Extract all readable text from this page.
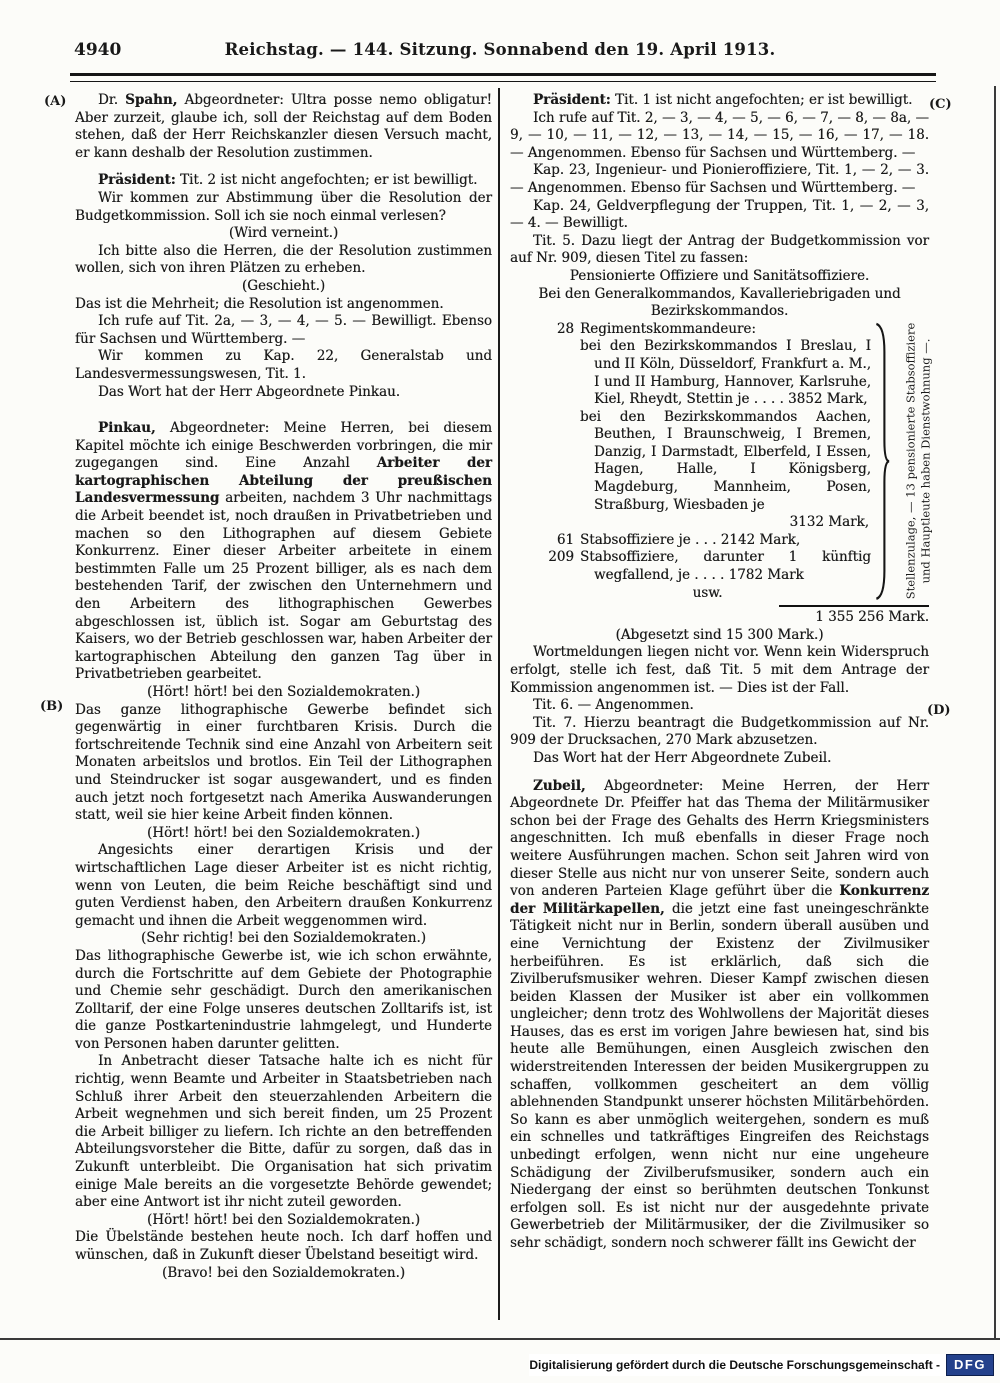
4940	Reichstag. — 144. Sitzung. Sonnabend den 19. April 1913.
(A)
(B)
(C)
(D)

Dr. Spahn, Abgeordneter: Ultra posse nemo obligatur! Aber zurzeit, glaube ich, soll der Reichstag auf dem Boden stehen, daß der Herr Reichskanzler diesen Versuch macht, er kann deshalb der Resolution zustimmen.

Präsident: Tit. 2 ist nicht angefochten; er ist bewilligt.

Wir kommen zur Abstimmung über die Resolution der Budgetkommission. Soll ich sie noch einmal verlesen?

(Wird verneint.)

Ich bitte also die Herren, die der Resolution zustimmen wollen, sich von ihren Plätzen zu erheben.

(Geschieht.)

Das ist die Mehrheit; die Resolution ist angenommen.

Ich rufe auf Tit. 2a, — 3, — 4, — 5. — Bewilligt. Ebenso für Sachsen und Württemberg. —

Wir kommen zu Kap. 22, Generalstab und Landesvermessungswesen, Tit. 1.

Das Wort hat der Herr Abgeordnete Pinkau.

Pinkau, Abgeordneter: Meine Herren, bei diesem Kapitel möchte ich einige Beschwerden vorbringen, die mir zugegangen sind. Eine Anzahl Arbeiter der kartographischen Abteilung der preußischen Landesvermessung arbeiten, nachdem 3 Uhr nachmittags die Arbeit beendet ist, noch draußen in Privatbetrieben und machen so den Lithographen auf diesem Gebiete Konkurrenz. Einer dieser Arbeiter arbeitete in einem bestimmten Falle um 25 Prozent billiger, als es nach dem bestehenden Tarif, der zwischen den Unternehmern und den Arbeitern des lithographischen Gewerbes abgeschlossen ist, üblich ist. Sogar am Geburtstag des Kaisers, wo der Betrieb geschlossen war, haben Arbeiter der kartographischen Abteilung den ganzen Tag über in Privatbetrieben gearbeitet.

(Hört! hört! bei den Sozialdemokraten.)

Das ganze lithographische Gewerbe befindet sich gegenwärtig in einer furchtbaren Krisis. Durch die fortschreitende Technik sind eine Anzahl von Arbeitern seit Monaten arbeitslos und brotlos. Ein Teil der Lithographen und Steindrucker ist sogar ausgewandert, und es finden auch jetzt noch fortgesetzt nach Amerika Auswanderungen statt, weil sie hier keine Arbeit finden können.

(Hört! hört! bei den Sozialdemokraten.)

Angesichts einer derartigen Krisis und der wirtschaftlichen Lage dieser Arbeiter ist es nicht richtig, wenn von Leuten, die beim Reiche beschäftigt sind und guten Verdienst haben, den Arbeitern draußen Konkurrenz gemacht und ihnen die Arbeit weggenommen wird.

(Sehr richtig! bei den Sozialdemokraten.)

Das lithographische Gewerbe ist, wie ich schon erwähnte, durch die Fortschritte auf dem Gebiete der Photographie und Chemie sehr geschädigt. Durch den amerikanischen Zolltarif, der eine Folge unseres deutschen Zolltarifs ist, ist die ganze Postkartenindustrie lahmgelegt, und Hunderte von Personen haben darunter gelitten.

In Anbetracht dieser Tatsache halte ich es nicht für richtig, wenn Beamte und Arbeiter in Staatsbetrieben nach Schluß ihrer Arbeit den steuerzahlenden Arbeitern die Arbeit wegnehmen und sich bereit finden, um 25 Prozent die Arbeit billiger zu liefern. Ich richte an den betreffenden Abteilungsvorsteher die Bitte, dafür zu sorgen, daß das in Zukunft unterbleibt. Die Organisation hat sich privatim einige Male bereits an die vorgesetzte Behörde gewendet; aber eine Antwort ist ihr nicht zuteil geworden.

(Hört! hört! bei den Sozialdemokraten.)

Die Übelstände bestehen heute noch. Ich darf hoffen und wünschen, daß in Zukunft dieser Übelstand beseitigt wird.

(Bravo! bei den Sozialdemokraten.)

Präsident: Tit. 1 ist nicht angefochten; er ist bewilligt.

Ich rufe auf Tit. 2, — 3, — 4, — 5, — 6, — 7, — 8, — 8a, — 9, — 10, — 11, — 12, — 13, — 14, — 15, — 16, — 17, — 18. — Angenommen. Ebenso für Sachsen und Württemberg. —

Kap. 23, Ingenieur- und Pionieroffiziere, Tit. 1, — 2, — 3. — Angenommen. Ebenso für Sachsen und Württemberg. —

Kap. 24, Geldverpflegung der Truppen, Tit. 1, — 2, — 3, — 4. — Bewilligt.

Tit. 5. Dazu liegt der Antrag der Budgetkommission vor auf Nr. 909, diesen Titel zu fassen:

Pensionierte Offiziere und Sanitätsoffiziere.

Bei den Generalkommandos, Kavalleriebrigaden und Bezirkskommandos.

28 Regimentskommandeure:
bei den Bezirkskommandos I Breslau, I und II Köln, Düsseldorf, Frankfurt a. M., I und II Hamburg, Hannover, Karlsruhe, Kiel, Rheydt, Stettin je . . . . 3852 Mark,
bei den Bezirkskommandos Aachen, Beuthen, I Braunschweig, I Bremen, Danzig, I Darmstadt, Elberfeld, I Essen, Hagen, Halle, I Königsberg, Magdeburg, Mannheim, Posen, Straßburg, Wiesbaden je
3132 Mark,
61 Stabsoffiziere je . . . 2142 Mark,
209 Stabsoffiziere, darunter 1 künftig wegfallend, je . . . . 1782 Mark

usw.	Stellenzulage, — 13 pensionierte Stabsoffiziere und Hauptleute haben Dienstwohnung —.

1 355 256 Mark.

(Abgesetzt sind 15 300 Mark.)

Wortmeldungen liegen nicht vor. Wenn kein Widerspruch erfolgt, stelle ich fest, daß Tit. 5 mit dem Antrage der Kommission angenommen ist. — Dies ist der Fall.

Tit. 6. — Angenommen.

Tit. 7. Hierzu beantragt die Budgetkommission auf Nr. 909 der Drucksachen, 270 Mark abzusetzen.

Das Wort hat der Herr Abgeordnete Zubeil.

Zubeil, Abgeordneter: Meine Herren, der Herr Abgeordnete Dr. Pfeiffer hat das Thema der Militärmusiker schon bei der Frage des Gehalts des Herrn Kriegsministers angeschnitten. Ich muß ebenfalls in dieser Frage noch weitere Ausführungen machen. Schon seit Jahren wird von dieser Stelle aus nicht nur von unserer Seite, sondern auch von anderen Parteien Klage geführt über die Konkurrenz der Militärkapellen, die jetzt eine fast uneingeschränkte Tätigkeit nicht nur in Berlin, sondern überall ausüben und eine Vernichtung der Existenz der Zivilmusiker herbeiführen. Es ist erklärlich, daß sich die Zivilberufsmusiker wehren. Dieser Kampf zwischen diesen beiden Klassen der Musiker ist aber ein vollkommen ungleicher; denn trotz des Wohlwollens der Majorität dieses Hauses, das es erst im vorigen Jahre bewiesen hat, sind bis heute alle Bemühungen, einen Ausgleich zwischen den widerstreitenden Interessen der beiden Musikergruppen zu schaffen, vollkommen gescheitert an dem völlig ablehnenden Standpunkt unserer höchsten Militärbehörden. So kann es aber unmöglich weitergehen, sondern es muß ein schnelles und tatkräftiges Eingreifen des Reichstags unbedingt erfolgen, wenn nicht nur eine ungeheure Schädigung der Zivilberufsmusiker, sondern auch ein Niedergang der einst so berühmten deutschen Tonkunst erfolgen soll. Es ist nicht nur der ausgedehnte private Gewerbetrieb der Militärmusiker, der die Zivilmusiker so sehr schädigt, sondern noch schwerer fällt ins Gewicht der

Digitalisierung gefördert durch die Deutsche Forschungsgemeinschaft -	DFG
